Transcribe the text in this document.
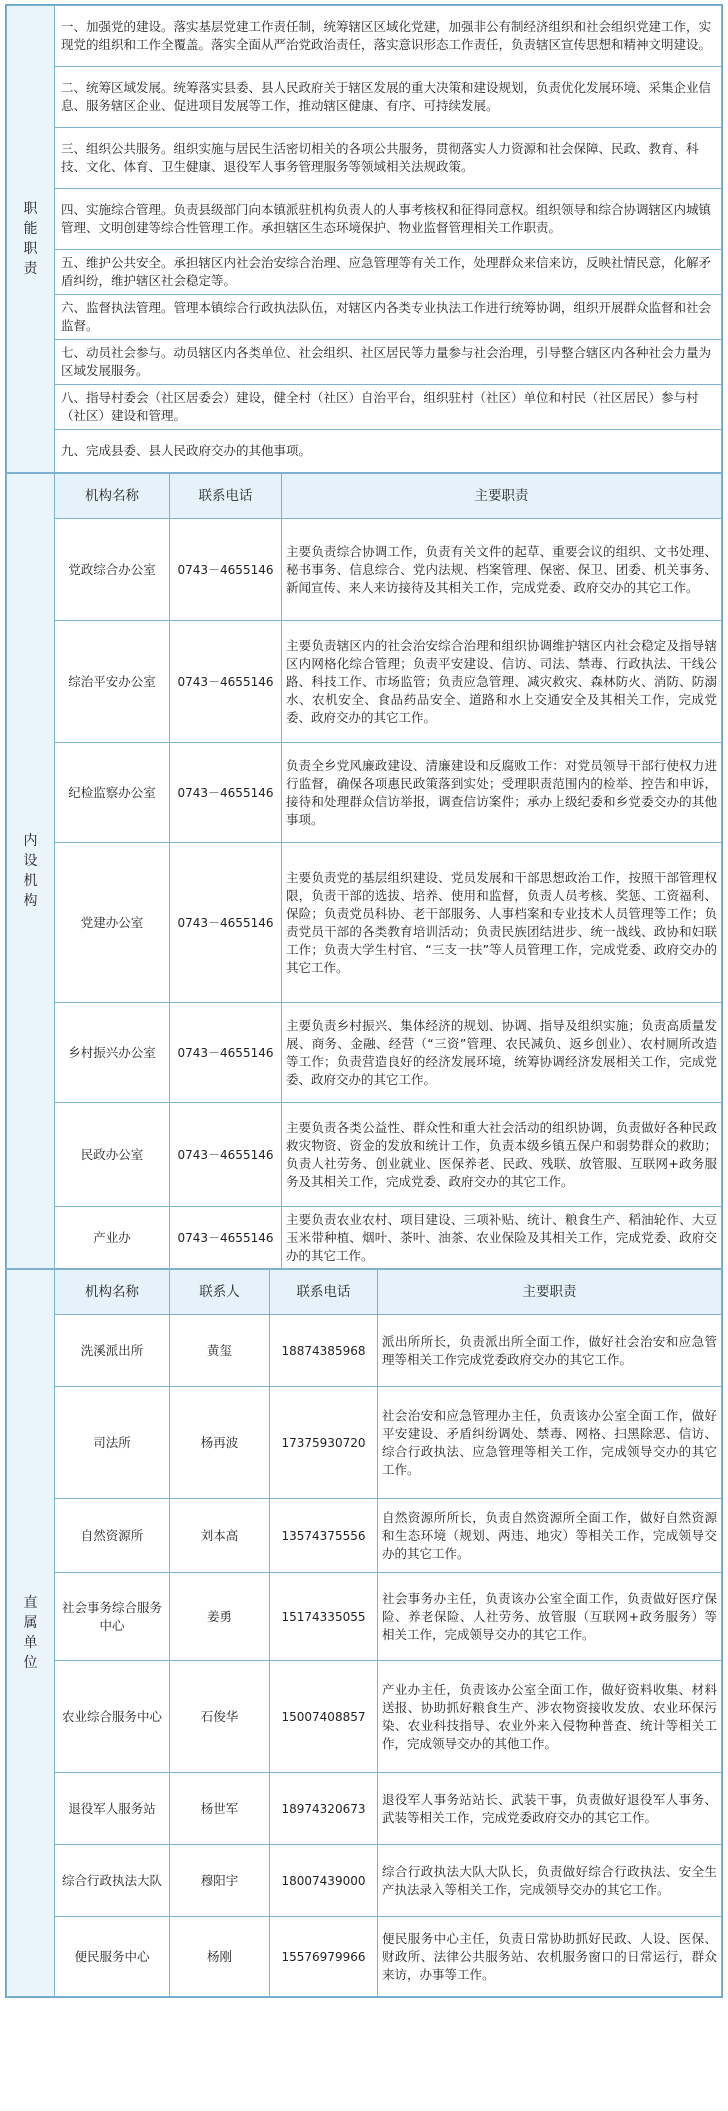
职能职责
	一、加强党的建设。落实基层党建工作责任制，统筹辖区区域化党建，加强非公有制经济组织和社会组织党建工作，实现党的组织和工作全覆盖。落实全面从严治党政治责任，落实意识形态工作责任，负责辖区宣传思想和精神文明建设。
二、统筹区域发展。统筹落实县委、县人民政府关于辖区发展的重大决策和建设规划，负责优化发展环境、采集企业信息、服务辖区企业、促进项目发展等工作，推动辖区健康、有序、可持续发展。
三、组织公共服务。组织实施与居民生活密切相关的各项公共服务，贯彻落实人力资源和社会保障、民政、教育、科技、文化、体育、卫生健康、退役军人事务管理服务等领域相关法规政策。
四、实施综合管理。负责县级部门向本镇派驻机构负责人的人事考核权和征得同意权。组织领导和综合协调辖区内城镇管理、文明创建等综合性管理工作。承担辖区生态环境保护、物业监督管理相关工作职责。
五、维护公共安全。承担辖区内社会治安综合治理、应急管理等有关工作，处理群众来信来访，反映社情民意，化解矛盾纠纷，维护辖区社会稳定等。
六、监督执法管理。管理本镇综合行政执法队伍，对辖区内各类专业执法工作进行统筹协调，组织开展群众监督和社会监督。
七、动员社会参与。动员辖区内各类单位、社会组织、社区居民等力量参与社会治理，引导整合辖区内各种社会力量为区域发展服务。
八、指导村委会（社区居委会）建设，健全村（社区）自治平台，组织驻村（社区）单位和村民（社区居民）参与村（社区）建设和管理。
九、完成县委、县人民政府交办的其他事项。
内设机构	机构名称	联系电话	主要职责
	党政综合办公室	0743－4655146	主要负责综合协调工作，负责有关文件的起草、重要会议的组织、文书处理、秘书事务、信息综合、党内法规、档案管理、保密、保卫、团委、机关事务、新闻宣传、来人来访接待及其相关工作，完成党委、政府交办的其它工作。
	综治平安办公室	0743－4655146	主要负责辖区内的社会治安综合治理和组织协调维护辖区内社会稳定及指导辖区内网格化综合管理；负责平安建设、信访、司法、禁毒、行政执法、干线公路、科技工作、市场监管；负责应急管理、减灾救灾、森林防火、消防、防溺水、农机安全、食品药品安全、道路和水上交通安全及其相关工作，完成党委、政府交办的其它工作。
	纪检监察办公室	0743－4655146	负责全乡党风廉政建设、清廉建设和反腐败工作：对党员领导干部行使权力进行监督，确保各项惠民政策落到实处；受理职责范围内的检举、控告和申诉，接待和处理群众信访举报，调查信访案件；承办上级纪委和乡党委交办的其他事项。
	党建办公室	0743－4655146	主要负责党的基层组织建设、党员发展和干部思想政治工作，按照干部管理权限，负责干部的选拔、培养、使用和监督，负责人员考核、奖惩、工资福利、保险；负责党员科协、老干部服务、人事档案和专业技术人员管理等工作；负责党员干部的各类教育培训活动；负责民族团结进步、统一战线、政协和妇联工作；负责大学生村官、“三支一扶”等人员管理工作，完成党委、政府交办的其它工作。
	乡村振兴办公室	0743－4655146	主要负责乡村振兴、集体经济的规划、协调、指导及组织实施；负责高质量发展、商务、金融、经营（“三资”管理、农民减负、返乡创业）、农村厕所改造等工作；负责营造良好的经济发展环境，统筹协调经济发展相关工作，完成党委、政府交办的其它工作。
	民政办公室	0743－4655146	主要负责各类公益性、群众性和重大社会活动的组织协调，负责做好各种民政救灾物资、资金的发放和统计工作，负责本级乡镇五保户和弱势群众的救助；负责人社劳务、创业就业、医保养老、民政、残联、放管服、互联网+政务服务及其相关工作，完成党委、政府交办的其它工作。
	产业办	0743－4655146	主要负责农业农村、项目建设、三项补贴、统计、粮食生产、稻油轮作、大豆玉米带种植、烟叶、茶叶、油茶、农业保险及其相关工作，完成党委、政府交办的其它工作。
直属单位	机构名称	联系人	联系电话	主要职责
	洗溪派出所	黄玺	18874385968	派出所所长，负责派出所全面工作，做好社会治安和应急管理等相关工作完成党委政府交办的其它工作。
	司法所	杨再波	17375930720	社会治安和应急管理办主任，负责该办公室全面工作，做好平安建设、矛盾纠纷调处、禁毒、网格、扫黑除恶、信访、综合行政执法、应急管理等相关工作，完成领导交办的其它工作。
	自然资源所	刘本高	13574375556	自然资源所所长，负责自然资源所全面工作，做好自然资源和生态环境（规划、两违、地灾）等相关工作，完成领导交办的其它工作。
	社会事务综合服务中心	姜勇	15174335055	社会事务办主任，负责该办公室全面工作，负责做好医疗保险、养老保险、人社劳务、放管服（互联网+政务服务）等相关工作，完成领导交办的其它工作。
	农业综合服务中心	石俊华	15007408857	产业办主任，负责该办公室全面工作，做好资料收集、材料送报、协助抓好粮食生产、涉农物资接收发放、农业环保污染、农业科技指导、农业外来入侵物种普查、统计等相关工作，完成领导交办的其他工作。
	退役军人服务站	杨世军	18974320673	退役军人事务站站长、武装干事，负责做好退役军人事务、武装等相关工作，完成党委政府交办的其它工作。
	综合行政执法大队	穆阳宇	18007439000	综合行政执法大队大队长，负责做好综合行政执法、安全生产执法录入等相关工作，完成领导交办的其它工作。
	便民服务中心	杨刚	15576979966	便民服务中心主任，负责日常协助抓好民政、人设、医保、财政所、法律公共服务站、农机服务窗口的日常运行，群众来访，办事等工作。
